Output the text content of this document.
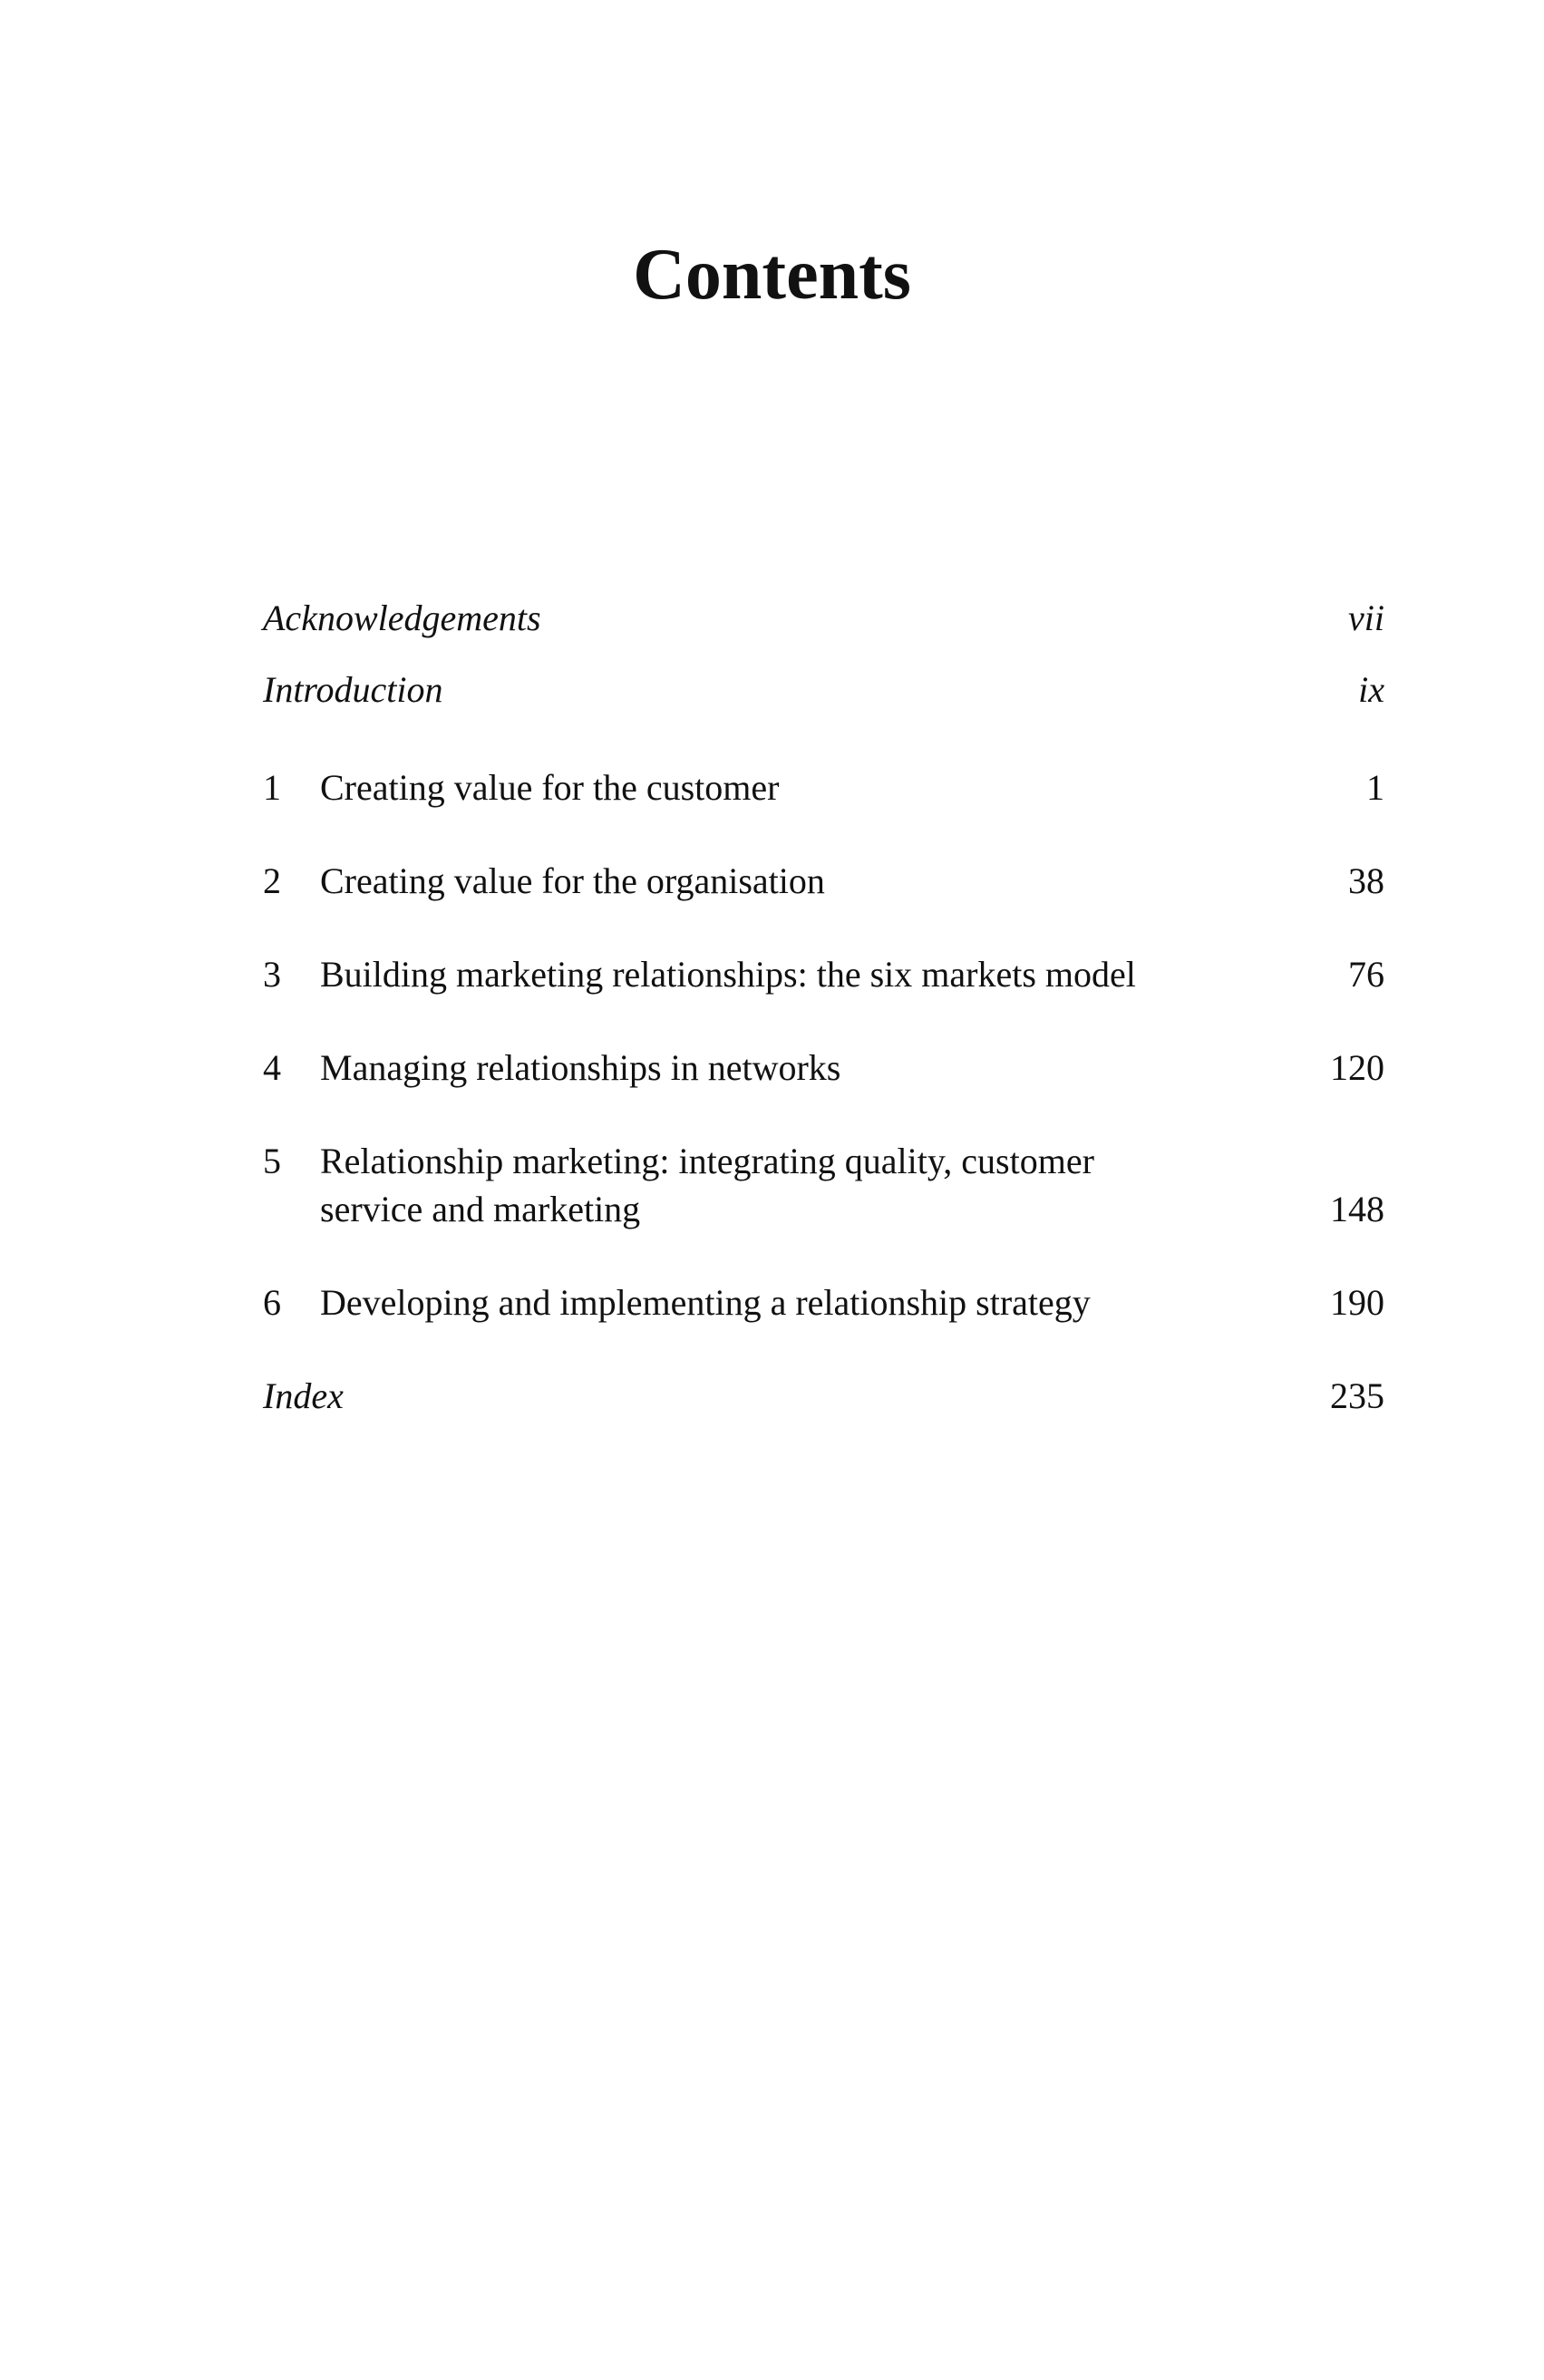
Contents
Acknowledgements	vii
Introduction	ix
1	Creating value for the customer	1
2	Creating value for the organisation	38
3	Building marketing relationships: the six markets model	76
4	Managing relationships in networks	120
5	Relationship marketing: integrating quality, customer
service and marketing	148
6	Developing and implementing a relationship strategy	190
Index	235
